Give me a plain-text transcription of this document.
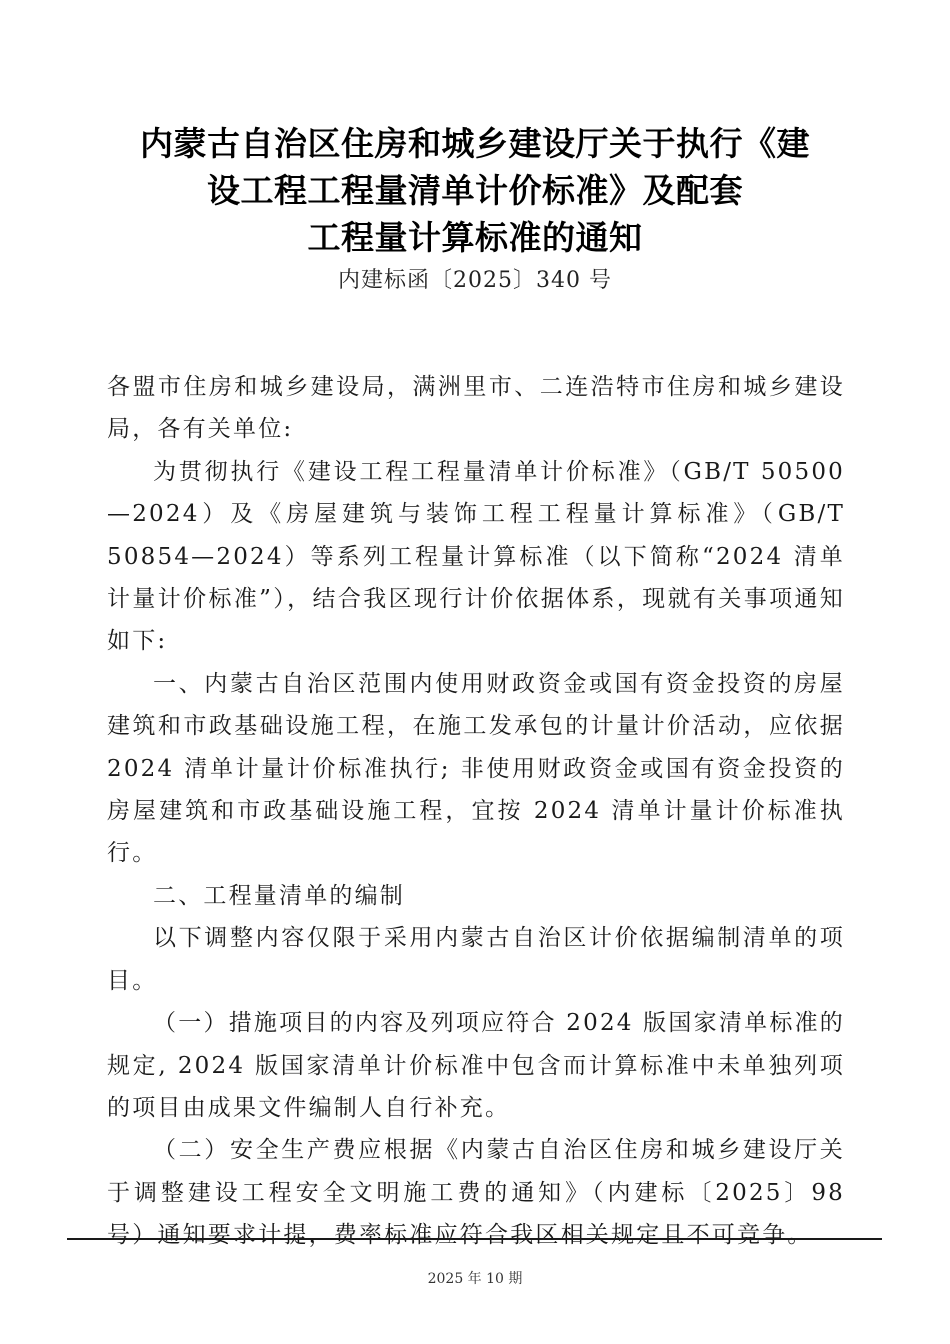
内蒙古自治区住房和城乡建设厅关于执行《建
设工程工程量清单计价标准》及配套
工程量计算标准的通知
内建标函〔2025〕340 号

各盟市住房和城乡建设局，满洲里市、二连浩特市住房和城乡建设局，各有关单位:

为贯彻执行《建设工程工程量清单计价标准》（GB/T 50500—2024）及《房屋建筑与装饰工程工程量计算标准》（GB/T 50854—2024）等系列工程量计算标准（以下简称“2024 清单计量计价标准”），结合我区现行计价依据体系，现就有关事项通知如下:

一、内蒙古自治区范围内使用财政资金或国有资金投资的房屋建筑和市政基础设施工程，在施工发承包的计量计价活动，应依据 2024 清单计量计价标准执行; 非使用财政资金或国有资金投资的房屋建筑和市政基础设施工程，宜按 2024 清单计量计价标准执行。

二、工程量清单的编制

以下调整内容仅限于采用内蒙古自治区计价依据编制清单的项目。

（一）措施项目的内容及列项应符合 2024 版国家清单标准的规定, 2024 版国家清单计价标准中包含而计算标准中未单独列项的项目由成果文件编制人自行补充。

（二）安全生产费应根据《内蒙古自治区住房和城乡建设厅关于调整建设工程安全文明施工费的通知》（内建标〔2025〕98 号）通知要求计提，费率标准应符合我区相关规定且不可竞争。

2025 年 10 期
